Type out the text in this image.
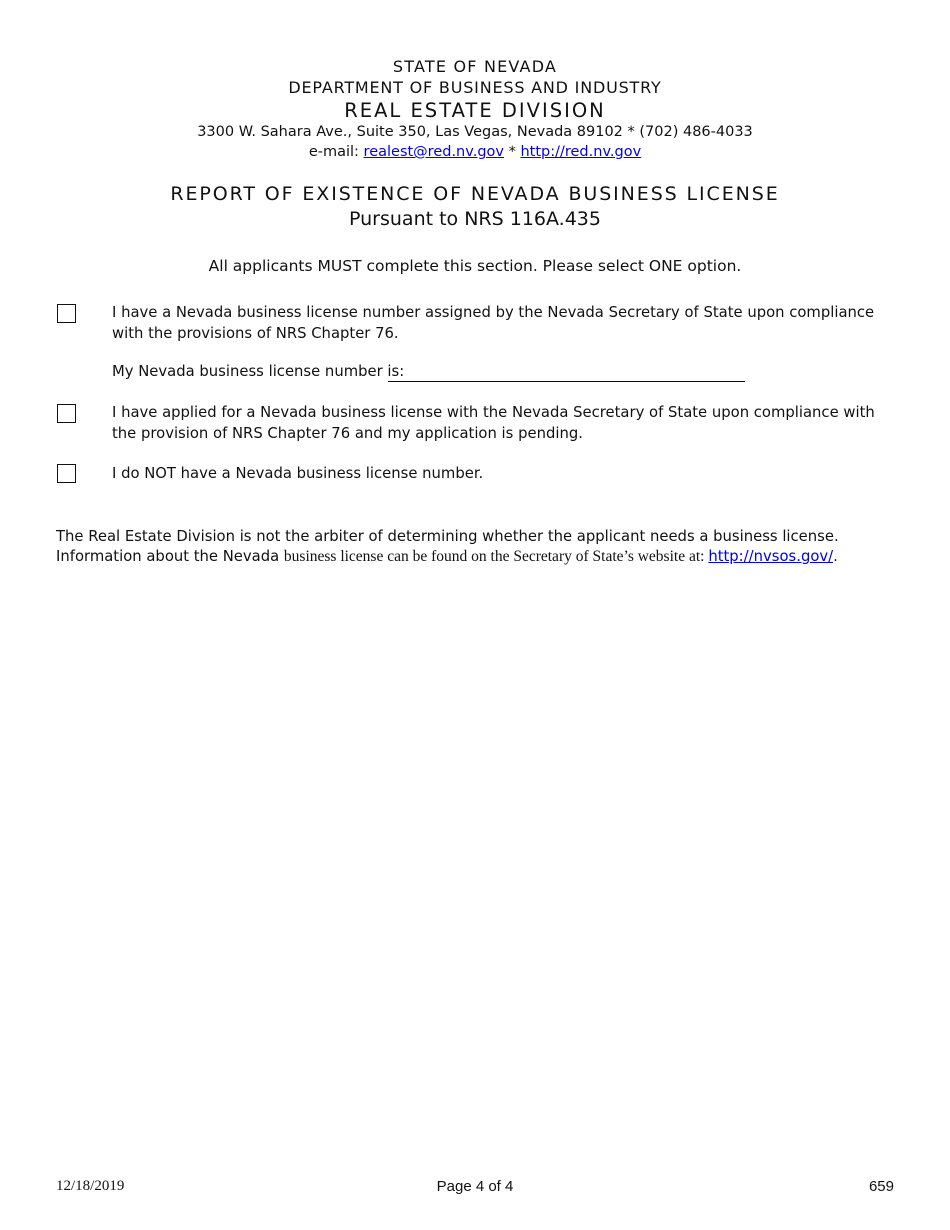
STATE OF NEVADA
DEPARTMENT OF BUSINESS AND INDUSTRY
REAL ESTATE DIVISION
3300 W. Sahara Ave., Suite 350, Las Vegas, Nevada 89102 * (702) 486-4033
e-mail: realest@red.nv.gov * http://red.nv.gov
REPORT OF EXISTENCE OF NEVADA BUSINESS LICENSE
Pursuant to NRS 116A.435
All applicants MUST complete this section. Please select ONE option.
I have a Nevada business license number assigned by the Nevada Secretary of State upon compliance with the provisions of NRS Chapter 76.
My Nevada business license number is:
I have applied for a Nevada business license with the Nevada Secretary of State upon compliance with the provision of NRS Chapter 76 and my application is pending.
I do NOT have a Nevada business license number.
The Real Estate Division is not the arbiter of determining whether the applicant needs a business license. Information about the Nevada business license can be found on the Secretary of State’s website at: http://nvsos.gov/.
12/18/2019	Page 4 of 4	659
